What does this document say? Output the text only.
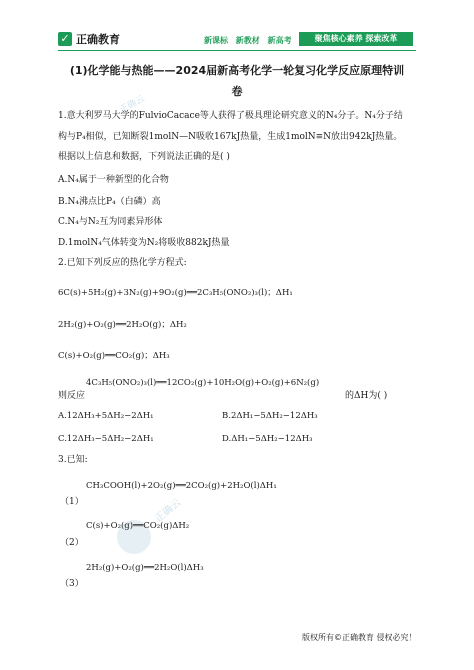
✓ 正确教育	新课标 新教材 新高考	聚焦核心素养 探索改革
(1)化学能与热能——2024届新高考化学一轮复习化学反应原理特训
卷
正确云
正确云
1.意大利罗马大学的FulvioCacace等人获得了极具理论研究意义的N₄分子。N₄分子结
构与P₄相似，已知断裂1molN—N吸收167kJ热量，生成1molN≡N放出942kJ热量。
根据以上信息和数据，下列说法正确的是( )
A.N₄属于一种新型的化合物
B.N₄沸点比P₄（白磷）高
C.N₄与N₂互为同素异形体
D.1molN₄气体转变为N₂将吸收882kJ热量
2.已知下列反应的热化学方程式:
6C(s)+5H₂(g)+3N₂(g)+9O₂(g)══2C₃H₅(ONO₂)₃(l)；ΔH₁
2H₂(g)+O₂(g)══2H₂O(g)；ΔH₂
C(s)+O₂(g)══CO₂(g)；ΔH₃
4C₃H₅(ONO₂)₃(l)══12CO₂(g)+10H₂O(g)+O₂(g)+6N₂(g)
则反应	的ΔH为( )
A.12ΔH₃+5ΔH₂−2ΔH₁	B.2ΔH₁−5ΔH₂−12ΔH₃
C.12ΔH₃−5ΔH₂−2ΔH₁	D.ΔH₁−5ΔH₂−12ΔH₃
3.已知:
CH₃COOH(l)+2O₂(g)══2CO₂(g)+2H₂O(l)ΔH₁
（1）
C(s)+O₂(g)══CO₂(g)ΔH₂
（2）
2H₂(g)+O₂(g)══2H₂O(l)ΔH₃
（3）
版权所有©正确教育 侵权必究！
